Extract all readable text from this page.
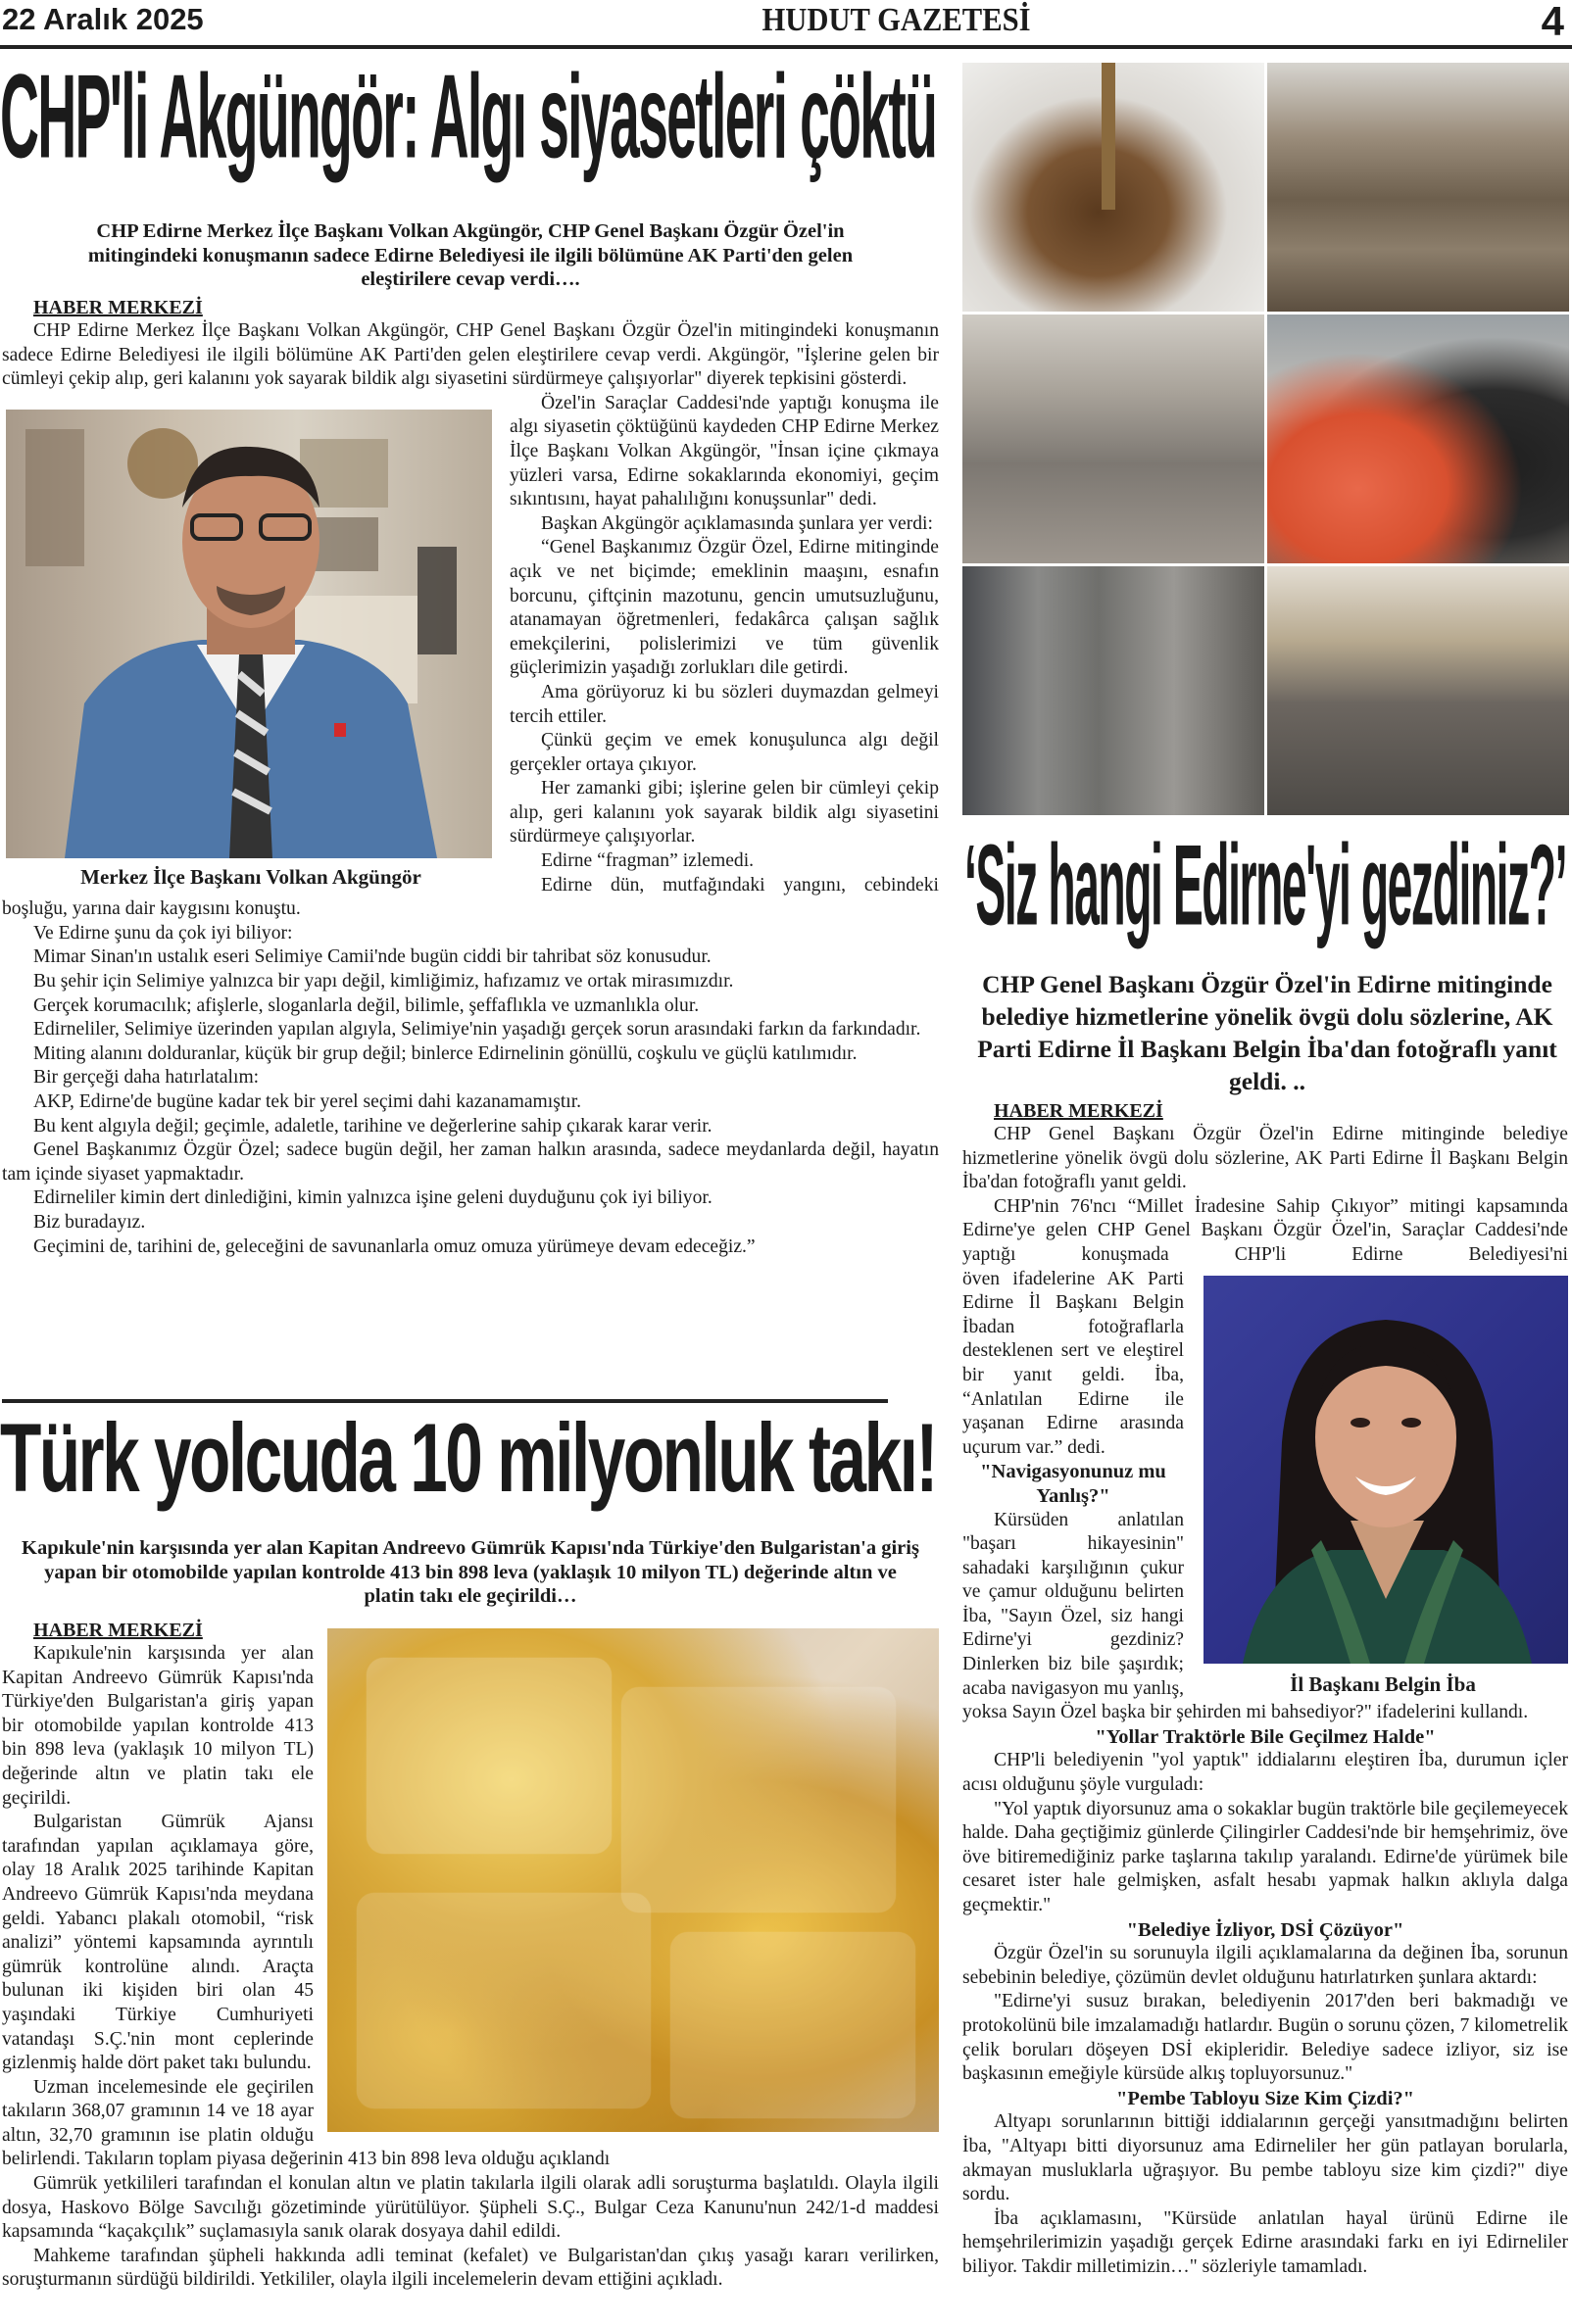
22 Aralık 2025	HUDUT GAZETESİ	4
CHP'li Akgüngör: Algı siyasetleri çöktü
CHP Edirne Merkez İlçe Başkanı Volkan Akgüngör, CHP Genel Başkanı Özgür Özel'in mitingindeki konuşmanın sadece Edirne Belediyesi ile ilgili bölümüne AK Parti'den gelen eleştirilere cevap verdi….
HABER MERKEZİ

CHP Edirne Merkez İlçe Başkanı Volkan Akgüngör, CHP Genel Başkanı Özgür Özel'in mitingindeki konuşmanın sadece Edirne Belediyesi ile ilgili bölümüne AK Parti'den gelen eleştirilere cevap verdi. Akgüngör, "İşlerine gelen bir cümleyi çekip alıp, geri kalanını yok sayarak bildik algı siyasetini sürdürmeye çalışıyorlar" diyerek tepkisini gösterdi.

Merkez İlçe Başkanı Volkan Akgüngör

Özel'in Saraçlar Caddesi'nde yaptığı konuşma ile algı siyasetin çöktüğünü kaydeden CHP Edirne Merkez İlçe Başkanı Volkan Akgüngör, "İnsan içine çıkmaya yüzleri varsa, Edirne sokaklarında ekonomiyi, geçim sıkıntısını, hayat pahalılığını konuşsunlar" dedi.

Başkan Akgüngör açıklamasında şunlara yer verdi:

“Genel Başkanımız Özgür Özel, Edirne mitinginde açık ve net biçimde; emeklinin maaşını, esnafın borcunu, çiftçinin mazotunu, gencin umutsuzluğunu, atanamayan öğretmenleri, fedakârca çalışan sağlık emekçilerini, polislerimizi ve tüm güvenlik güçlerimizin yaşadığı zorlukları dile getirdi.

Ama görüyoruz ki bu sözleri duymazdan gelmeyi tercih ettiler.

Çünkü geçim ve emek konuşulunca algı değil gerçekler ortaya çıkıyor.

Her zamanki gibi; işlerine gelen bir cümleyi çekip alıp, geri kalanını yok sayarak bildik algı siyasetini sürdürmeye çalışıyorlar.

Edirne “fragman” izlemedi.

Edirne dün, mutfağındaki yangını, cebindeki boşluğu, yarına dair kaygısını konuştu.

Ve Edirne şunu da çok iyi biliyor:

Mimar Sinan'ın ustalık eseri Selimiye Camii'nde bugün ciddi bir tahribat söz konusudur.

Bu şehir için Selimiye yalnızca bir yapı değil, kimliğimiz, hafızamız ve ortak mirasımızdır.

Gerçek korumacılık; afişlerle, sloganlarla değil, bilimle, şeffaflıkla ve uzmanlıkla olur.

Edirneliler, Selimiye üzerinden yapılan algıyla, Selimiye'nin yaşadığı gerçek sorun arasındaki farkın da farkındadır.

Miting alanını dolduranlar, küçük bir grup değil; binlerce Edirnelinin gönüllü, coşkulu ve güçlü katılımıdır.

Bir gerçeği daha hatırlatalım:

AKP, Edirne'de bugüne kadar tek bir yerel seçimi dahi kazanamamıştır.

Bu kent algıyla değil; geçimle, adaletle, tarihine ve değerlerine sahip çıkarak karar verir.

Genel Başkanımız Özgür Özel; sadece bugün değil, her zaman halkın arasında, sadece meydanlarda değil, hayatın tam içinde siyaset yapmaktadır.

Edirneliler kimin dert dinlediğini, kimin yalnızca işine geleni duyduğunu çok iyi biliyor.

Biz buradayız.

Geçimini de, tarihini de, geleceğini de savunanlarla omuz omuza yürümeye devam edeceğiz.”

Türk yolcuda 10 milyonluk takı!
Kapıkule'nin karşısında yer alan Kapitan Andreevo Gümrük Kapısı'nda Türkiye'den Bulgaristan'a giriş yapan bir otomobilde yapılan kontrolde 413 bin 898 leva (yaklaşık 10 milyon TL) değerinde altın ve platin takı ele geçirildi…
HABER MERKEZİ

Kapıkule'nin karşısında yer alan Kapitan Andreevo Gümrük Kapısı'nda Türkiye'den Bulgaristan'a giriş yapan bir otomobilde yapılan kontrolde 413 bin 898 leva (yaklaşık 10 milyon TL) değerinde altın ve platin takı ele geçirildi.

Bulgaristan Gümrük Ajansı tarafından yapılan açıklamaya göre, olay 18 Aralık 2025 tarihinde Kapitan Andreevo Gümrük Kapısı'nda meydana geldi. Yabancı plakalı otomobil, “risk analizi” yöntemi kapsamında ayrıntılı gümrük kontrolüne alındı. Araçta bulunan iki kişiden biri olan 45 yaşındaki Türkiye Cumhuriyeti vatandaşı S.Ç.'nin mont ceplerinde gizlenmiş halde dört paket takı bulundu.

Uzman incelemesinde ele geçirilen takıların 368,07 gramının 14 ve 18 ayar altın, 32,70 gramının ise platin olduğu belirlendi. Takıların toplam piyasa değerinin 413 bin 898 leva olduğu açıklandı

Gümrük yetkilileri tarafından el konulan altın ve platin takılarla ilgili olarak adli soruşturma başlatıldı. Olayla ilgili dosya, Haskovo Bölge Savcılığı gözetiminde yürütülüyor. Şüpheli S.Ç., Bulgar Ceza Kanunu'nun 242/1-d maddesi kapsamında “kaçakçılık” suçlamasıyla sanık olarak dosyaya dahil edildi.

Mahkeme tarafından şüpheli hakkında adli teminat (kefalet) ve Bulgaristan'dan çıkış yasağı kararı verilirken, soruşturmanın sürdüğü bildirildi. Yetkililer, olayla ilgili incelemelerin devam ettiğini açıkladı.

‘Siz hangi Edirne'yi gezdiniz?’
CHP Genel Başkanı Özgür Özel'in Edirne mitinginde belediye hizmetlerine yönelik övgü dolu sözlerine, AK Parti Edirne İl Başkanı Belgin İba'dan fotoğraflı yanıt geldi. ..
HABER MERKEZİ

CHP Genel Başkanı Özgür Özel'in Edirne mitinginde belediye hizmetlerine yönelik övgü dolu sözlerine, AK Parti Edirne İl Başkanı Belgin İba'dan fotoğraflı yanıt geldi.

CHP'nin 76'ncı “Millet İradesine Sahip Çıkıyor” mitingi kapsamında Edirne'ye gelen CHP Genel Başkanı Özgür Özel'in, Saraçlar Caddesi'nde yaptığı konuşmada CHP'li Edirne Belediyesi'ni

İl Başkanı Belgin İba

öven ifadelerine AK Parti Edirne İl Başkanı Belgin İbadan fotoğraflarla desteklenen sert ve eleştirel bir yanıt geldi. İba, “Anlatılan Edirne ile yaşanan Edirne arasında uçurum var.” dedi.

"Navigasyonunuz mu Yanlış?"

Kürsüden anlatılan "başarı hikayesinin" sahadaki karşılığının çukur ve çamur olduğunu belirten İba, "Sayın Özel, siz hangi Edirne'yi gezdiniz? Dinlerken biz bile şaşırdık; acaba navigasyon mu yanlış, yoksa Sayın Özel başka bir şehirden mi bahsediyor?" ifadelerini kullandı.

"Yollar Traktörle Bile Geçilmez Halde"

CHP'li belediyenin "yol yaptık" iddialarını eleştiren İba, durumun içler acısı olduğunu şöyle vurguladı:

"Yol yaptık diyorsunuz ama o sokaklar bugün traktörle bile geçilemeyecek halde. Daha geçtiğimiz günlerde Çilingirler Caddesi'nde bir hemşehrimiz, öve öve bitiremediğiniz parke taşlarına takılıp yaralandı. Edirne'de yürümek bile cesaret ister hale gelmişken, asfalt hesabı yapmak halkın aklıyla dalga geçmektir."

"Belediye İzliyor, DSİ Çözüyor"

Özgür Özel'in su sorunuyla ilgili açıklamalarına da değinen İba, sorunun sebebinin belediye, çözümün devlet olduğunu hatırlatırken şunlara aktardı:

"Edirne'yi susuz bırakan, belediyenin 2017'den beri bakmadığı ve protokolünü bile imzalamadığı hatlardır. Bugün o sorunu çözen, 7 kilometrelik çelik boruları döşeyen DSİ ekipleridir. Belediye sadece izliyor, siz ise başkasının emeğiyle kürsüde alkış topluyorsunuz."

"Pembe Tabloyu Size Kim Çizdi?"

Altyapı sorunlarının bittiği iddialarının gerçeği yansıtmadığını belirten İba, "Altyapı bitti diyorsunuz ama Edirneliler her gün patlayan borularla, akmayan musluklarla uğraşıyor. Bu pembe tabloyu size kim çizdi?" diye sordu.

İba açıklamasını, "Kürsüde anlatılan hayal ürünü Edirne ile hemşehrilerimizin yaşadığı gerçek Edirne arasındaki farkı en iyi Edirneliler biliyor. Takdir milletimizin…" sözleriyle tamamladı.
